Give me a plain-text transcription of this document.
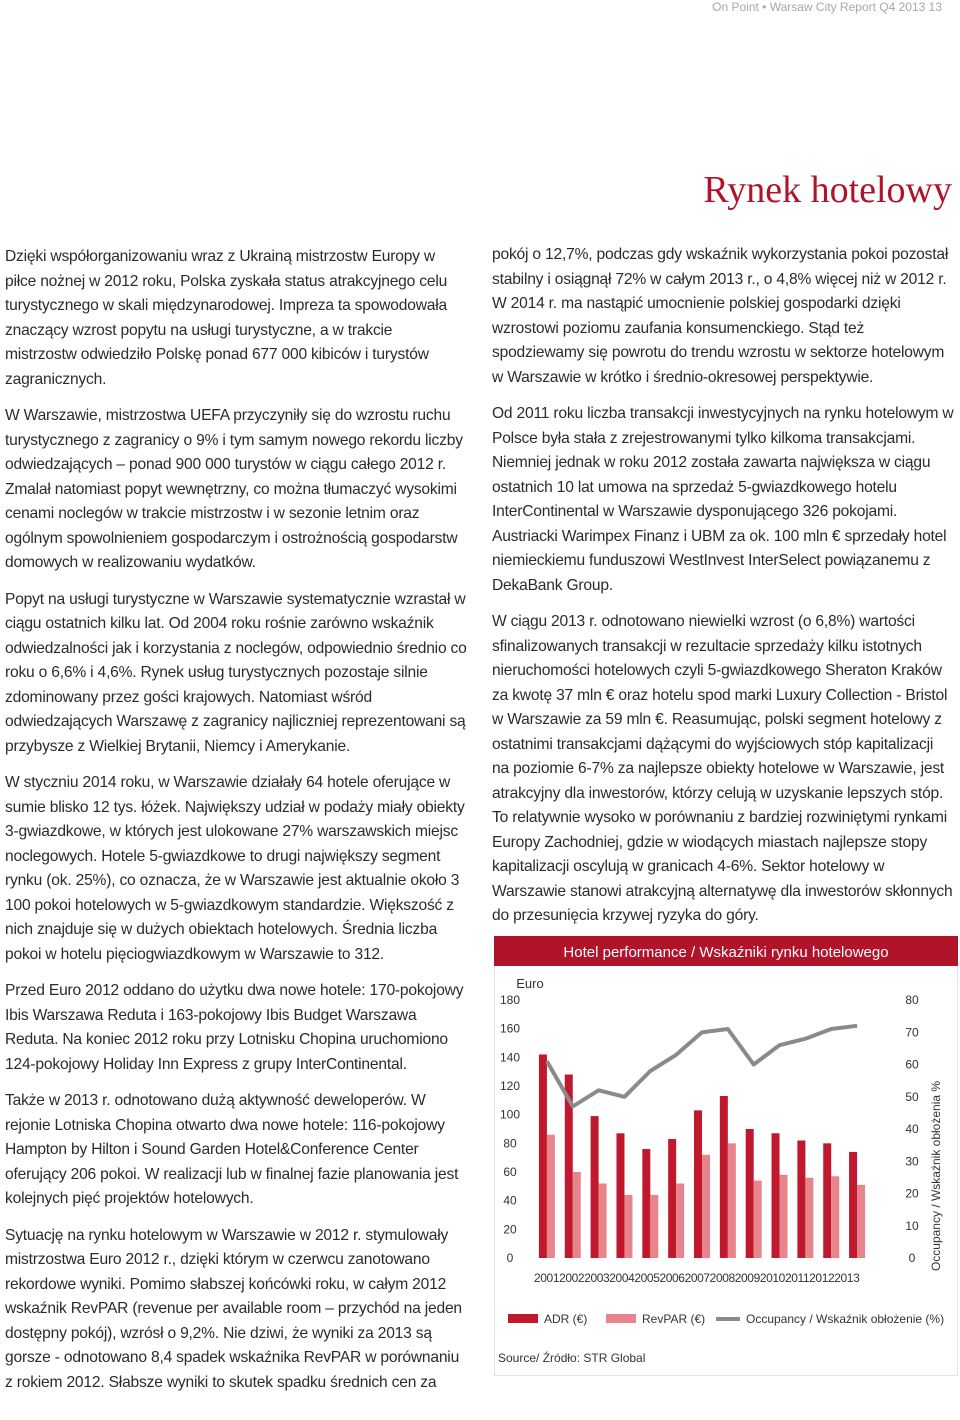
On Point • Warsaw City Report Q4 2013 13
Rynek hotelowy

Dzięki współorganizowaniu wraz z Ukrainą mistrzostw Europy w piłce nożnej w 2012 roku, Polska zyskała status atrakcyjnego celu turystycznego w skali międzynarodowej. Impreza ta spowodowała znaczący wzrost popytu na usługi turystyczne, a w trakcie mistrzostw odwiedziło Polskę ponad 677 000 kibiców i turystów zagranicznych.

W Warszawie, mistrzostwa UEFA przyczyniły się do wzrostu ruchu turystycznego z zagranicy o 9% i tym samym nowego rekordu liczby odwiedzających – ponad 900 000 turystów w ciągu całego 2012 r. Zmalał natomiast popyt wewnętrzny, co można tłumaczyć wysokimi cenami noclegów w trakcie mistrzostw i w sezonie letnim oraz ogólnym spowolnieniem gospodarczym i ostrożnością gospodarstw domowych w realizowaniu wydatków.

Popyt na usługi turystyczne w Warszawie systematycznie wzrastał w ciągu ostatnich kilku lat. Od 2004 roku rośnie zarówno wskaźnik odwiedzalności jak i korzystania z noclegów, odpowiednio średnio co roku o 6,6% i 4,6%. Rynek usług turystycznych pozostaje silnie zdominowany przez gości krajowych. Natomiast wśród odwiedzających Warszawę z zagranicy najliczniej reprezentowani są przybysze z Wielkiej Brytanii, Niemcy i Amerykanie.

W styczniu 2014 roku, w Warszawie działały 64 hotele oferujące w sumie blisko 12 tys. łóżek. Największy udział w podaży miały obiekty 3-gwiazdkowe, w których jest ulokowane 27% warszawskich miejsc noclegowych. Hotele 5-gwiazdkowe to drugi największy segment rynku (ok. 25%), co oznacza, że w Warszawie jest aktualnie około 3 100 pokoi hotelowych w 5-gwiazdkowym standardzie. Większość z nich znajduje się w dużych obiektach hotelowych. Średnia liczba pokoi w hotelu pięciogwiazdkowym w Warszawie to 312.

Przed Euro 2012 oddano do użytku dwa nowe hotele: 170-pokojowy Ibis Warszawa Reduta i 163-pokojowy Ibis Budget Warszawa Reduta. Na koniec 2012 roku przy Lotnisku Chopina uruchomiono 124-pokojowy Holiday Inn Express z grupy InterContinental.

Także w 2013 r. odnotowano dużą aktywność deweloperów. W rejonie Lotniska Chopina otwarto dwa nowe hotele: 116-pokojowy Hampton by Hilton i Sound Garden Hotel&Conference Center oferujący 206 pokoi. W realizacji lub w finalnej fazie planowania jest kolejnych pięć projektów hotelowych.

Sytuację na rynku hotelowym w Warszawie w 2012 r. stymulowały mistrzostwa Euro 2012 r., dzięki którym w czerwcu zanotowano rekordowe wyniki. Pomimo słabszej końcówki roku, w całym 2012 wskaźnik RevPAR (revenue per available room – przychód na jeden dostępny pokój), wzrósł o 9,2%. Nie dziwi, że wyniki za 2013 są gorsze - odnotowano 8,4 spadek wskaźnika RevPAR w porównaniu z rokiem 2012. Słabsze wyniki to skutek spadku średnich cen za

pokój o 12,7%, podczas gdy wskaźnik wykorzystania pokoi pozostał stabilny i osiągnął 72% w całym 2013 r., o 4,8% więcej niż w 2012 r. W 2014 r. ma nastąpić umocnienie polskiej gospodarki dzięki wzrostowi poziomu zaufania konsumenckiego. Stąd też spodziewamy się powrotu do trendu wzrostu w sektorze hotelowym w Warszawie w krótko i średnio-okresowej perspektywie.

Od 2011 roku liczba transakcji inwestycyjnych na rynku hotelowym w Polsce była stała z zrejestrowanymi tylko kilkoma transakcjami. Niemniej jednak w roku 2012 została zawarta największa w ciągu ostatnich 10 lat umowa na sprzedaż 5-gwiazdkowego hotelu InterContinental w Warszawie dysponującego 326 pokojami. Austriacki Warimpex Finanz i UBM za ok. 100 mln € sprzedały hotel niemieckiemu funduszowi WestInvest InterSelect powiązanemu z DekaBank Group.

W ciągu 2013 r. odnotowano niewielki wzrost (o 6,8%) wartości sfinalizowanych transakcji w rezultacie sprzedaży kilku istotnych nieruchomości hotelowych czyli 5-gwiazdkowego Sheraton Kraków za kwotę 37 mln € oraz hotelu spod marki Luxury Collection - Bristol w Warszawie za 59 mln €. Reasumując, polski segment hotelowy z ostatnimi transakcjami dążącymi do wyjściowych stóp kapitalizacji na poziomie 6-7% za najlepsze obiekty hotelowe w Warszawie, jest atrakcyjny dla inwestorów, którzy celują w uzyskanie lepszych stóp. To relatywnie wysoko w porównaniu z bardziej rozwiniętymi rynkami Europy Zachodniej, gdzie w wiodących miastach najlepsze stopy kapitalizacji oscylują w granicach 4-6%. Sektor hotelowy w Warszawie stanowi atrakcyjną alternatywę dla inwestorów skłonnych do przesunięcia krzywej ryzyka do góry.

Hotel performance / Wskaźniki rynku hotelowego
Euro
Occupancy / Wskaźnik obłożenia %
180
160
140
120
100
80
60
40
20
0
80
70
60
50
40
30
20
10
0
2001200220032004200520062007200820092010201120122013
ADR (€)	RevPAR (€)	Occupancy / Wskaźnik obłożenie (%)
Source/ Źródło: STR Global
